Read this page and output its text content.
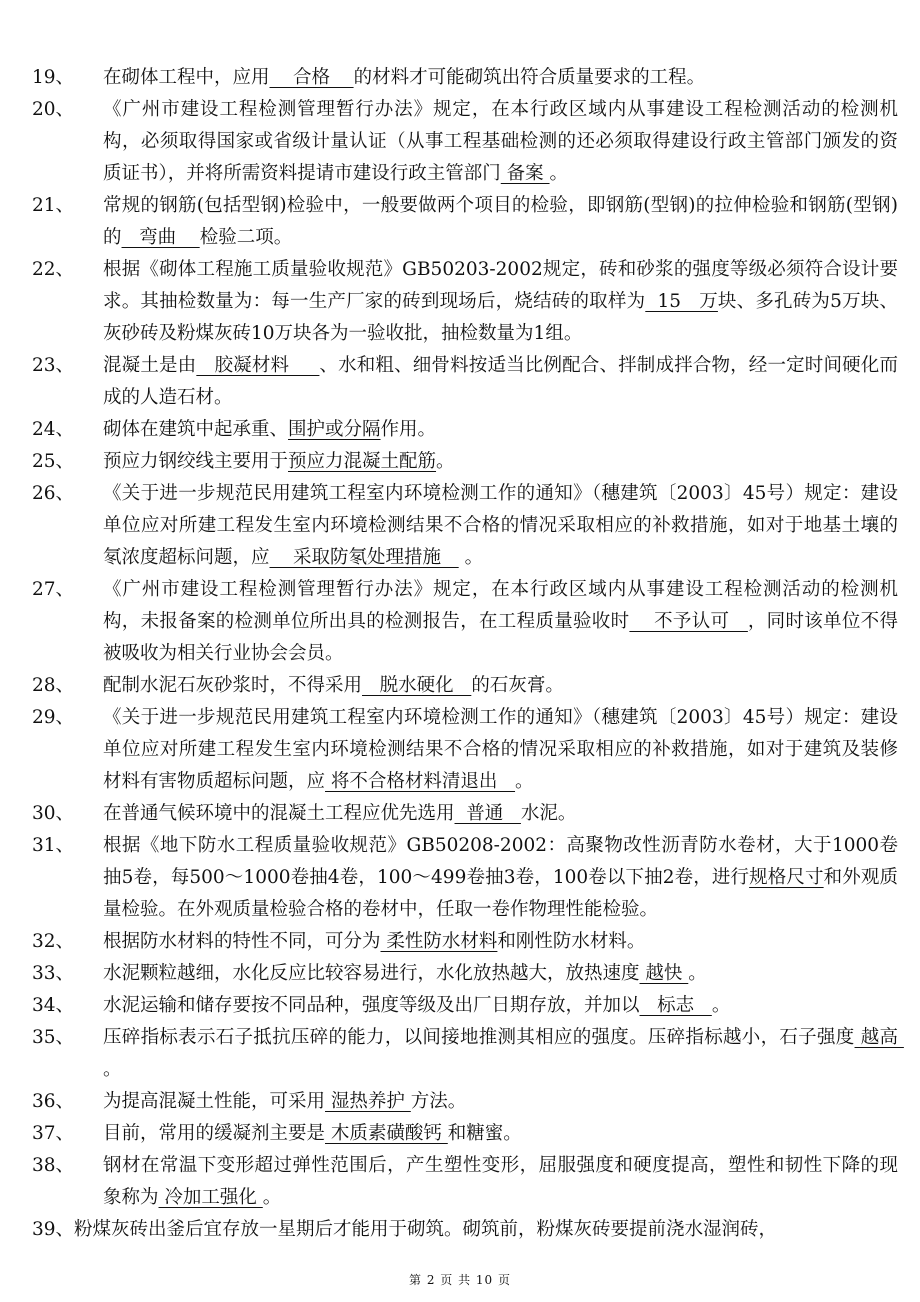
19、 在砌体工程中，应用    合格    的材料才可能砌筑出符合质量要求的工程。
20、 《广州市建设工程检测管理暂行办法》规定，在本行政区域内从事建设工程检测活动的检测机构，必须取得国家或省级计量认证（从事工程基础检测的还必须取得建设行政主管部门颁发的资质证书），并将所需资料提请市建设行政主管部门 备案 。
21、 常规的钢筋(包括型钢)检验中，一般要做两个项目的检验，即钢筋(型钢)的拉伸检验和钢筋(型钢)的   弯曲    检验二项。
22、 根据《砌体工程施工质量验收规范》GB50203-2002规定，砖和砂浆的强度等级必须符合设计要求。其抽检数量为：每一生产厂家的砖到现场后，烧结砖的取样为  15   万块、多孔砖为5万块、灰砂砖及粉煤灰砖10万块各为一验收批，抽检数量为1组。
23、 混凝土是由   胶凝材料     、水和粗、细骨料按适当比例配合、拌制成拌合物，经一定时间硬化而成的人造石材。
24、 砌体在建筑中起承重、围护或分隔作用。
25、 预应力钢绞线主要用于预应力混凝土配筋。
26、 《关于进一步规范民用建筑工程室内环境检测工作的通知》（穗建筑〔2003〕45号）规定：建设单位应对所建工程发生室内环境检测结果不合格的情况采取相应的补救措施，如对于地基土壤的氡浓度超标问题，应    采取防氡处理措施    。
27、 《广州市建设工程检测管理暂行办法》规定，在本行政区域内从事建设工程检测活动的检测机构，未报备案的检测单位所出具的检测报告，在工程质量验收时    不予认可   ，同时该单位不得被吸收为相关行业协会会员。
28、 配制水泥石灰砂浆时，不得采用   脱水硬化   的石灰膏。
29、 《关于进一步规范民用建筑工程室内环境检测工作的通知》（穗建筑〔2003〕45号）规定：建设单位应对所建工程发生室内环境检测结果不合格的情况采取相应的补救措施，如对于建筑及装修材料有害物质超标问题，应 将不合格材料清退出   。
30、 在普通气候环境中的混凝土工程应优先选用  普通   水泥。
31、 根据《地下防水工程质量验收规范》GB50208-2002：高聚物改性沥青防水卷材，大于1000卷抽5卷，每500～1000卷抽4卷，100～499卷抽3卷，100卷以下抽2卷，进行规格尺寸和外观质量检验。在外观质量检验合格的卷材中，任取一卷作物理性能检验。
32、 根据防水材料的特性不同，可分为 柔性防水材料和刚性防水材料。
33、 水泥颗粒越细，水化反应比较容易进行，水化放热越大，放热速度 越快 。
34、 水泥运输和储存要按不同品种，强度等级及出厂日期存放，并加以   标志   。
35、 压碎指标表示石子抵抗压碎的能力，以间接地推测其相应的强度。压碎指标越小，石子强度 越高 。
36、 为提高混凝土性能，可采用 湿热养护 方法。
37、 目前，常用的缓凝剂主要是 木质素磺酸钙 和糖蜜。
38、 钢材在常温下变形超过弹性范围后，产生塑性变形，屈服强度和硬度提高，塑性和韧性下降的现象称为 冷加工强化 。
39、粉煤灰砖出釜后宜存放一星期后才能用于砌筑。砌筑前，粉煤灰砖要提前浇水湿润砖，
第 2 页 共 10 页
